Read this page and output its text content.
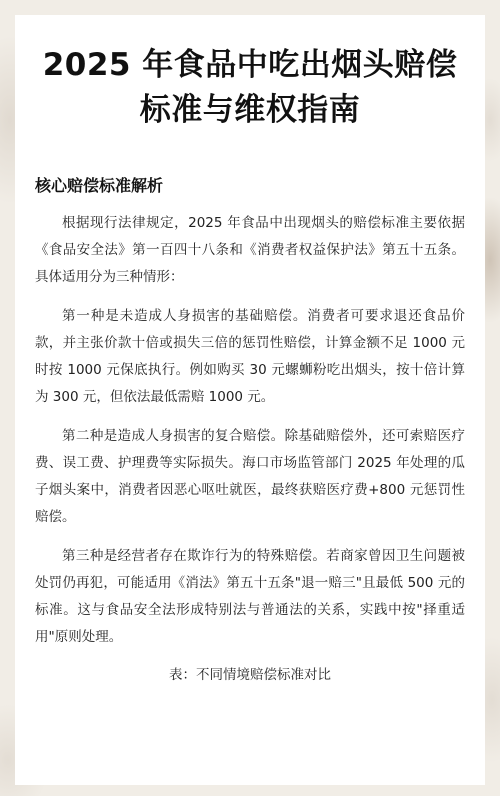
2025 年食品中吃出烟头赔偿标准与维权指南
核心赔偿标准解析

根据现行法律规定，2025 年食品中出现烟头的赔偿标准主要依据《食品安全法》第一百四十八条和《消费者权益保护法》第五十五条。具体适用分为三种情形：

第一种是未造成人身损害的基础赔偿。消费者可要求退还食品价款，并主张价款十倍或损失三倍的惩罚性赔偿，计算金额不足 1000 元时按 1000 元保底执行。例如购买 30 元螺蛳粉吃出烟头，按十倍计算为 300 元，但依法最低需赔 1000 元。

第二种是造成人身损害的复合赔偿。除基础赔偿外，还可索赔医疗费、误工费、护理费等实际损失。海口市场监管部门 2025 年处理的瓜子烟头案中，消费者因恶心呕吐就医，最终获赔医疗费+800 元惩罚性赔偿。

第三种是经营者存在欺诈行为的特殊赔偿。若商家曾因卫生问题被处罚仍再犯，可能适用《消法》第五十五条"退一赔三"且最低 500 元的标准。这与食品安全法形成特别法与普通法的关系，实践中按"择重适用"原则处理。

表：不同情境赔偿标准对比
